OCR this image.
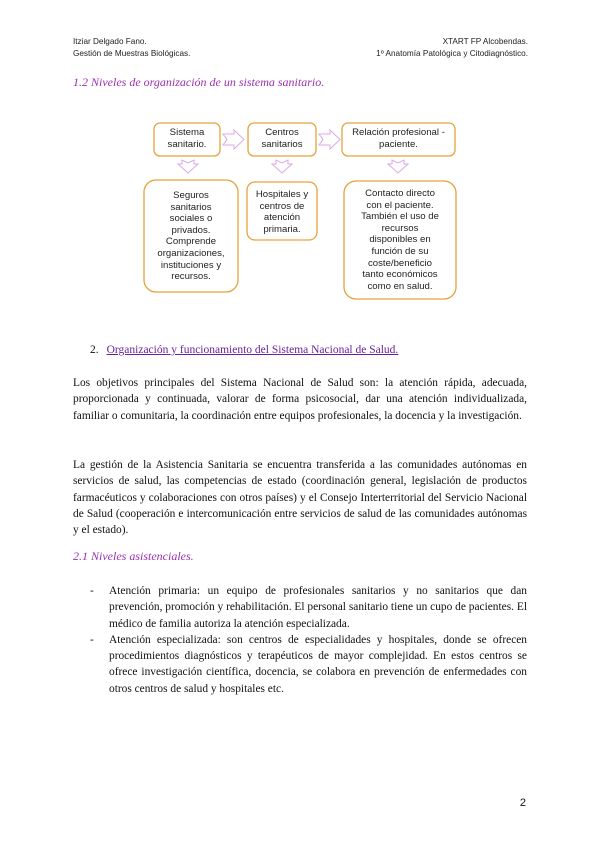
Itziar Delgado Fano.
Gestión de Muestras Biológicas.
XTART FP Alcobendas.
1º Anatomía Patológica y Citodiagnóstico.
1.2 Niveles de organización de un sistema sanitario.
Sistema
sanitario.
Centros
sanitarios
Relación profesional -
paciente.
Seguros
sanitarios
sociales o
privados.
Comprende
organizaciones,
instituciones y
recursos.
Hospitales y
centros de
atención
primaria.
Contacto directo
con el paciente.
También el uso de
recursos
disponibles en
función de su
coste/beneficio
tanto económicos
como en salud.
2. Organización y funcionamiento del Sistema Nacional de Salud.
Los objetivos principales del Sistema Nacional de Salud son: la atención rápida, adecuada, proporcionada y continuada, valorar de forma psicosocial, dar una atención individualizada, familiar o comunitaria, la coordinación entre equipos profesionales, la docencia y la investigación.
La gestión de la Asistencia Sanitaria se encuentra transferida a las comunidades autónomas en servicios de salud, las competencias de estado (coordinación general, legislación de productos farmacéuticos y colaboraciones con otros países) y el Consejo Interterritorial del Servicio Nacional de Salud (cooperación e intercomunicación entre servicios de salud de las comunidades autónomas y el estado).
2.1 Niveles asistenciales.
- Atención primaria: un equipo de profesionales sanitarios y no sanitarios que dan prevención, promoción y rehabilitación. El personal sanitario tiene un cupo de pacientes. El médico de familia autoriza la atención especializada.
- Atención especializada: son centros de especialidades y hospitales, donde se ofrecen procedimientos diagnósticos y terapéuticos de mayor complejidad. En estos centros se ofrece investigación científica, docencia, se colabora en prevención de enfermedades con otros centros de salud y hospitales etc.
2
